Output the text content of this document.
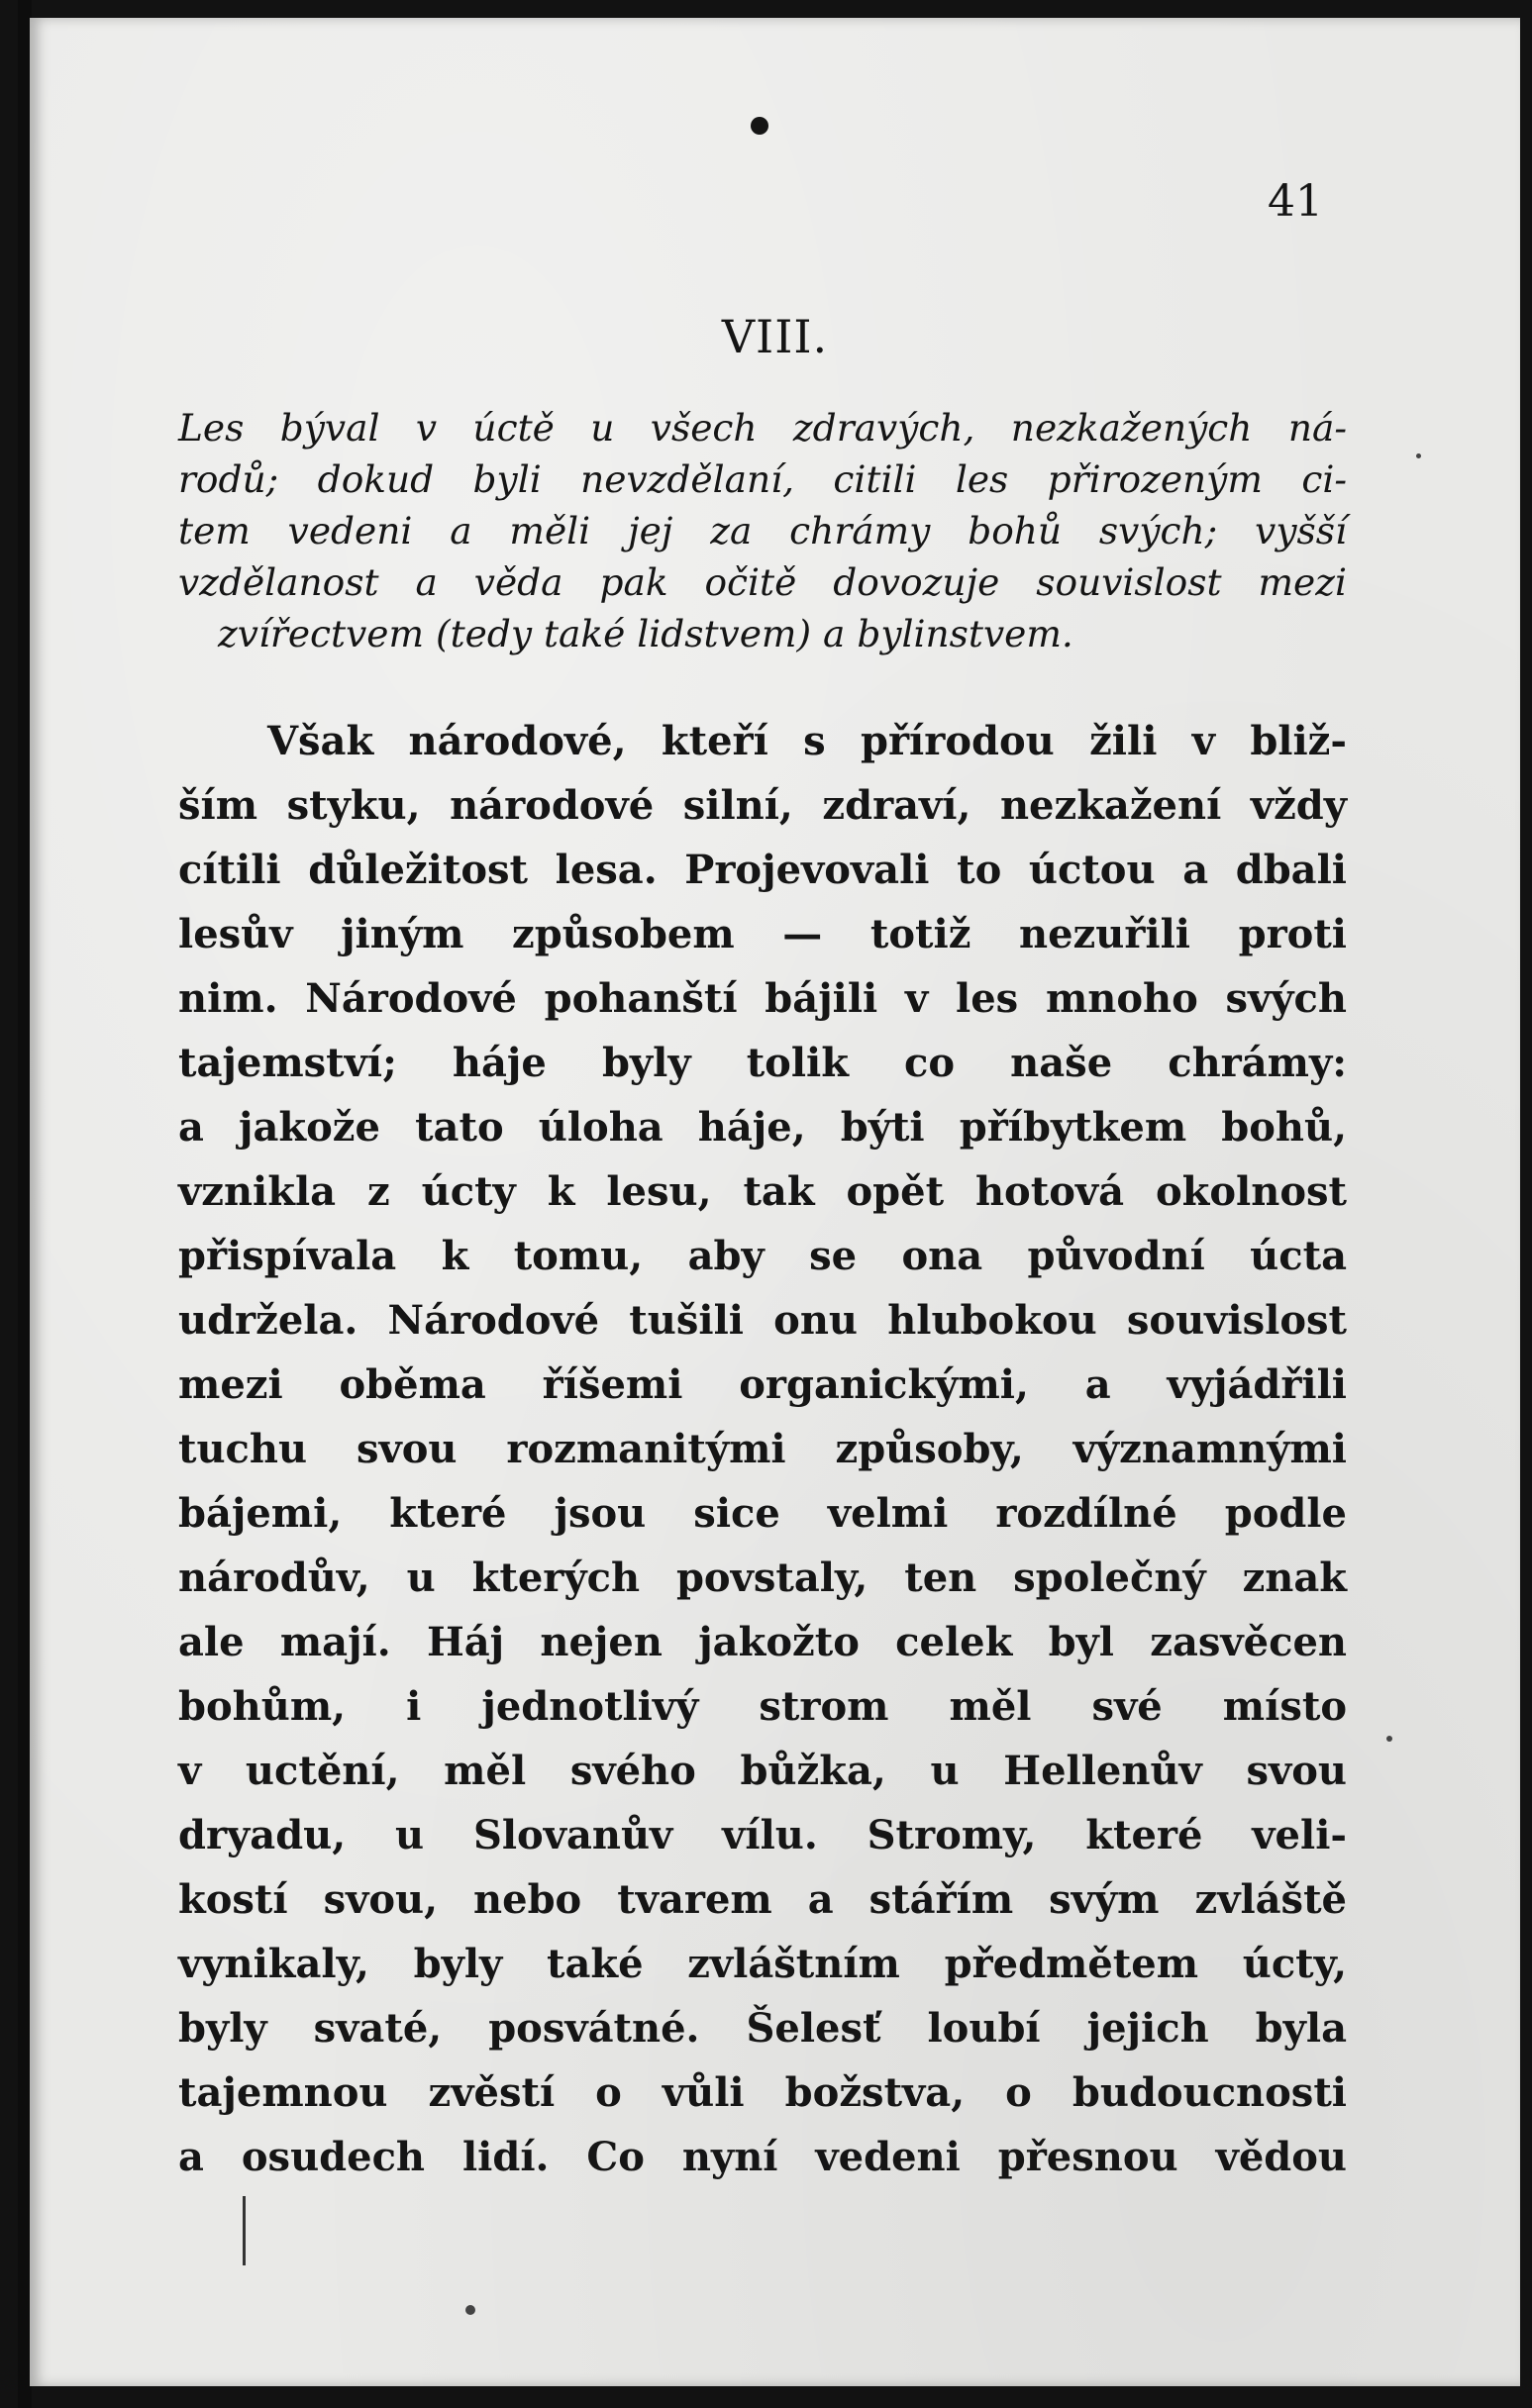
41
VIII.
Les býval v úctě u všech zdravých, nezkažených ná-
rodů; dokud byli nevzdělaní, citili les přirozeným ci-
tem vedeni a měli jej za chrámy bohů svých; vyšší
vzdělanost a věda pak očitě dovozuje souvislost mezi
zvířectvem (tedy také lidstvem) a bylinstvem.
Však národové, kteří s přírodou žili v bliž-
ším styku, národové silní, zdraví, nezkažení vždy
cítili důležitost lesa. Projevovali to úctou a dbali
lesův jiným způsobem — totiž nezuřili proti
nim. Národové pohanští bájili v les mnoho svých
tajemství; háje byly tolik co naše chrámy:
a jakože tato úloha háje, býti příbytkem bohů,
vznikla z úcty k lesu, tak opět hotová okolnost
přispívala k tomu, aby se ona původní úcta
udržela. Národové tušili onu hlubokou souvislost
mezi oběma říšemi organickými, a vyjádřili
tuchu svou rozmanitými způsoby, významnými
bájemi, které jsou sice velmi rozdílné podle
národův, u kterých povstaly, ten společný znak
ale mají. Háj nejen jakožto celek byl zasvěcen
bohům, i jednotlivý strom měl své místo
v uctění, měl svého bůžka, u Hellenův svou
dryadu, u Slovanův vílu. Stromy, které veli-
kostí svou, nebo tvarem a stářím svým zvláště
vynikaly, byly také zvláštním předmětem úcty,
byly svaté, posvátné. Šelesť loubí jejich byla
tajemnou zvěstí o vůli božstva, o budoucnosti
a osudech lidí. Co nyní vedeni přesnou vědou
